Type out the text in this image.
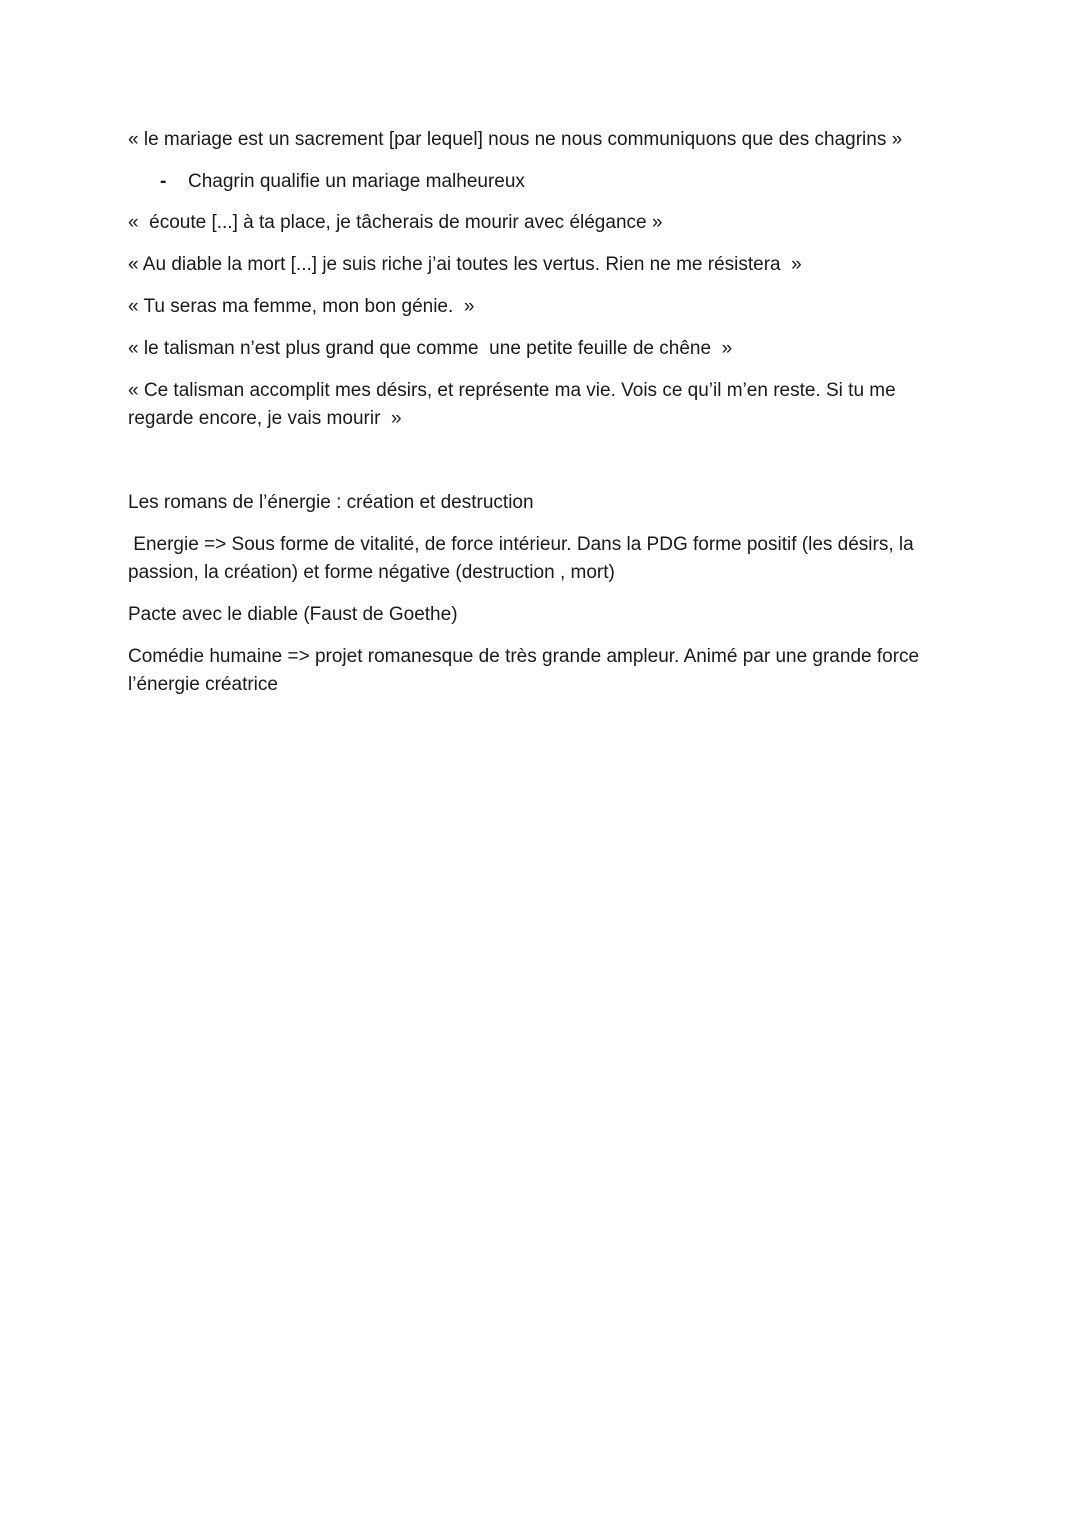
« le mariage est un sacrement [par lequel] nous ne nous communiquons que des chagrins »

-	Chagrin qualifie un mariage malheureux

«  écoute [...] à ta place, je tâcherais de mourir avec élégance »

« Au diable la mort [...] je suis riche j’ai toutes les vertus. Rien ne me résistera  »

« Tu seras ma femme, mon bon génie.  »

« le talisman n’est plus grand que comme  une petite feuille de chêne  »

« Ce talisman accomplit mes désirs, et représente ma vie. Vois ce qu’il m’en reste. Si tu me regarde encore, je vais mourir  »

Les romans de l’énergie : création et destruction

Energie => Sous forme de vitalité, de force intérieur. Dans la PDG forme positif (les désirs, la passion, la création) et forme négative (destruction , mort)

Pacte avec le diable (Faust de Goethe)

Comédie humaine => projet romanesque de très grande ampleur. Animé par une grande force l’énergie créatrice
